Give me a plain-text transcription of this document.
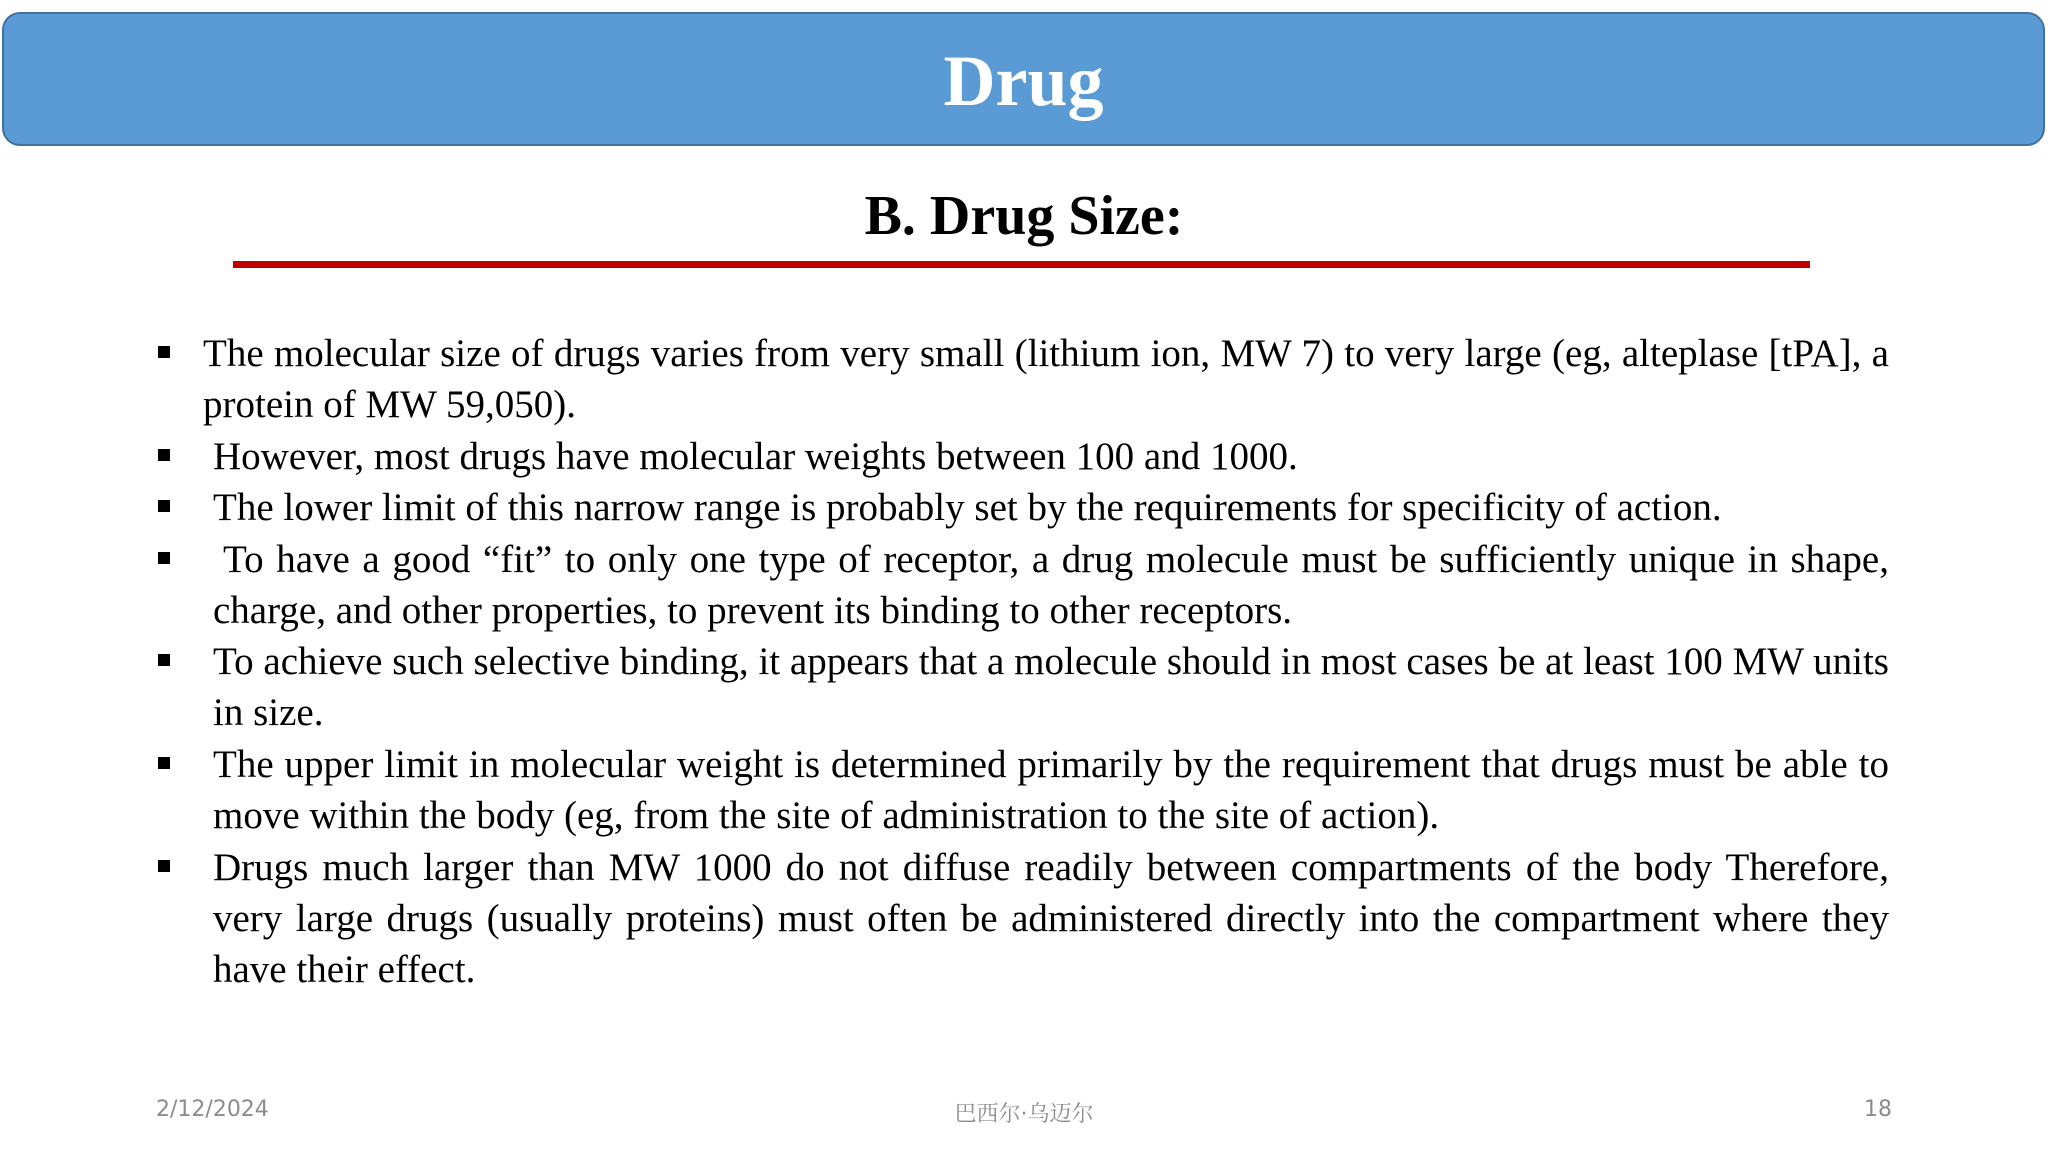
Drug
B. Drug Size:
The molecular size of drugs varies from very small (lithium ion, MW 7) to very large (eg, alteplase [tPA], a protein of MW 59,050).
However, most drugs have molecular weights between 100 and 1000.
The lower limit of this narrow range is probably set by the requirements for specificity of action.
To have a good “fit” to only one type of receptor, a drug molecule must be sufficiently unique in shape, charge, and other properties, to prevent its binding to other receptors.
To achieve such selective binding, it appears that a molecule should in most cases be at least 100 MW units in size.
The upper limit in molecular weight is determined primarily by the requirement that drugs must be able to move within the body (eg, from the site of administration to the site of action).
Drugs much larger than MW 1000 do not diffuse readily between compartments of the body Therefore, very large drugs (usually proteins) must often be administered directly into the compartment where they have their effect.
2/12/2024	巴西尔·乌迈尔	18
